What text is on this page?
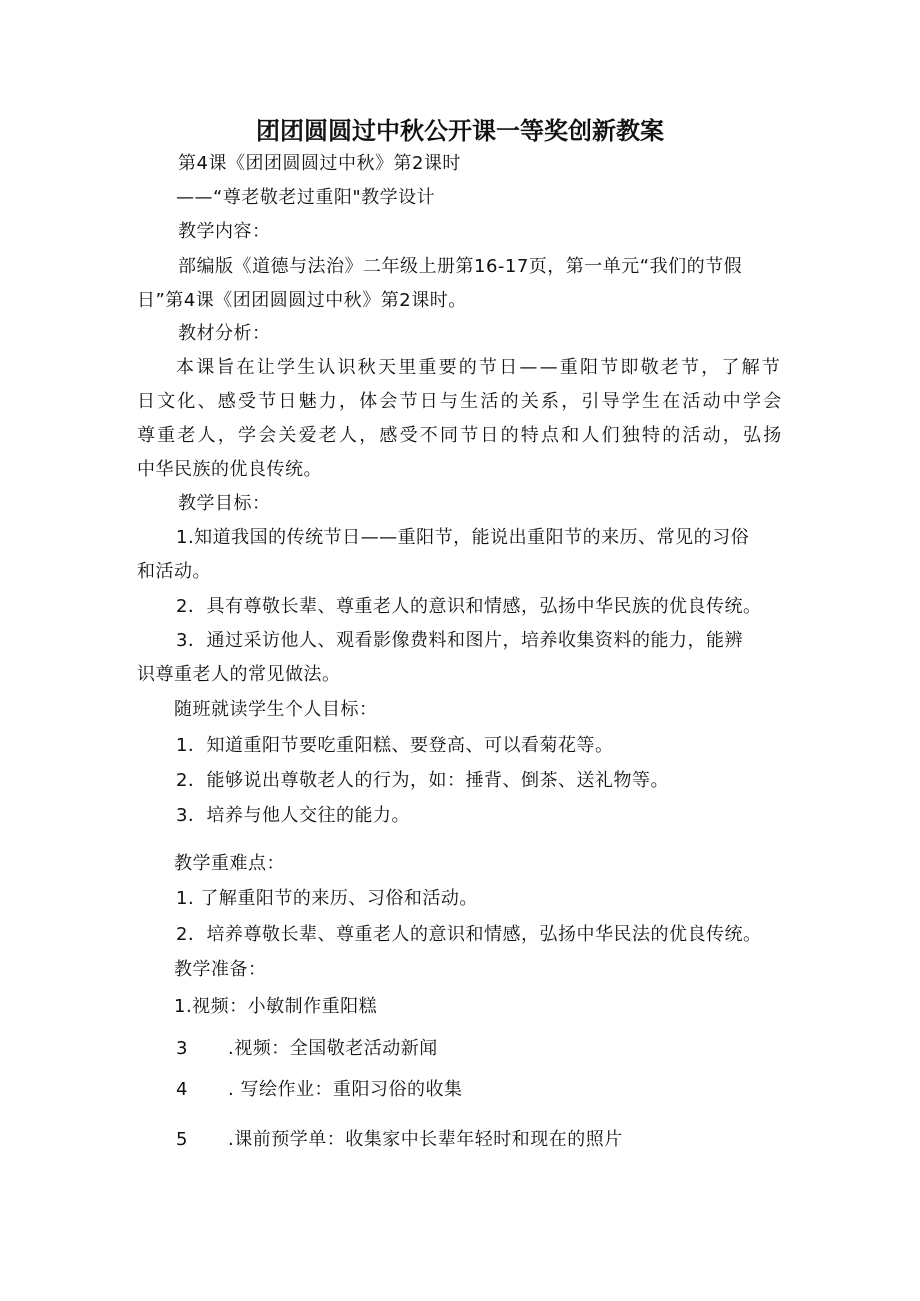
团团圆圆过中秋公开课一等奖创新教案
第4课《团团圆圆过中秋》第2课时
——“尊老敬老过重阳"教学设计
教学内容：
部编版《道德与法治》二年级上册第16-17页，第一单元“我们的节假
日”第4课《团团圆圆过中秋》第2课时。
教材分析：
本课旨在让学生认识秋天里重要的节日——重阳节即敬老节，了解节
日文化、感受节日魅力，体会节日与生活的关系，引导学生在活动中学会
尊重老人，学会关爱老人，感受不同节日的特点和人们独特的活动，弘扬
中华民族的优良传统。
教学目标：
1.知道我国的传统节日——重阳节，能说出重阳节的来历、常见的习俗
和活动。
2．具有尊敬长辈、尊重老人的意识和情感，弘扬中华民族的优良传统。
3．通过采访他人、观看影像费料和图片，培养收集资料的能力，能辨
识尊重老人的常见做法。
随班就读学生个人目标：
1．知道重阳节要吃重阳糕、要登高、可以看菊花等。
2．能够说出尊敬老人的行为，如：捶背、倒茶、送礼物等。
3．培养与他人交往的能力。
教学重难点：
1. 了解重阳节的来历、习俗和活动。
2．培养尊敬长辈、尊重老人的意识和情感，弘扬中华民法的优良传统。
教学准备：
1.视频：小敏制作重阳糕
3 .视频：全国敬老活动新闻
4 . 写绘作业：重阳习俗的收集
5 .课前预学单：收集家中长辈年轻时和现在的照片
